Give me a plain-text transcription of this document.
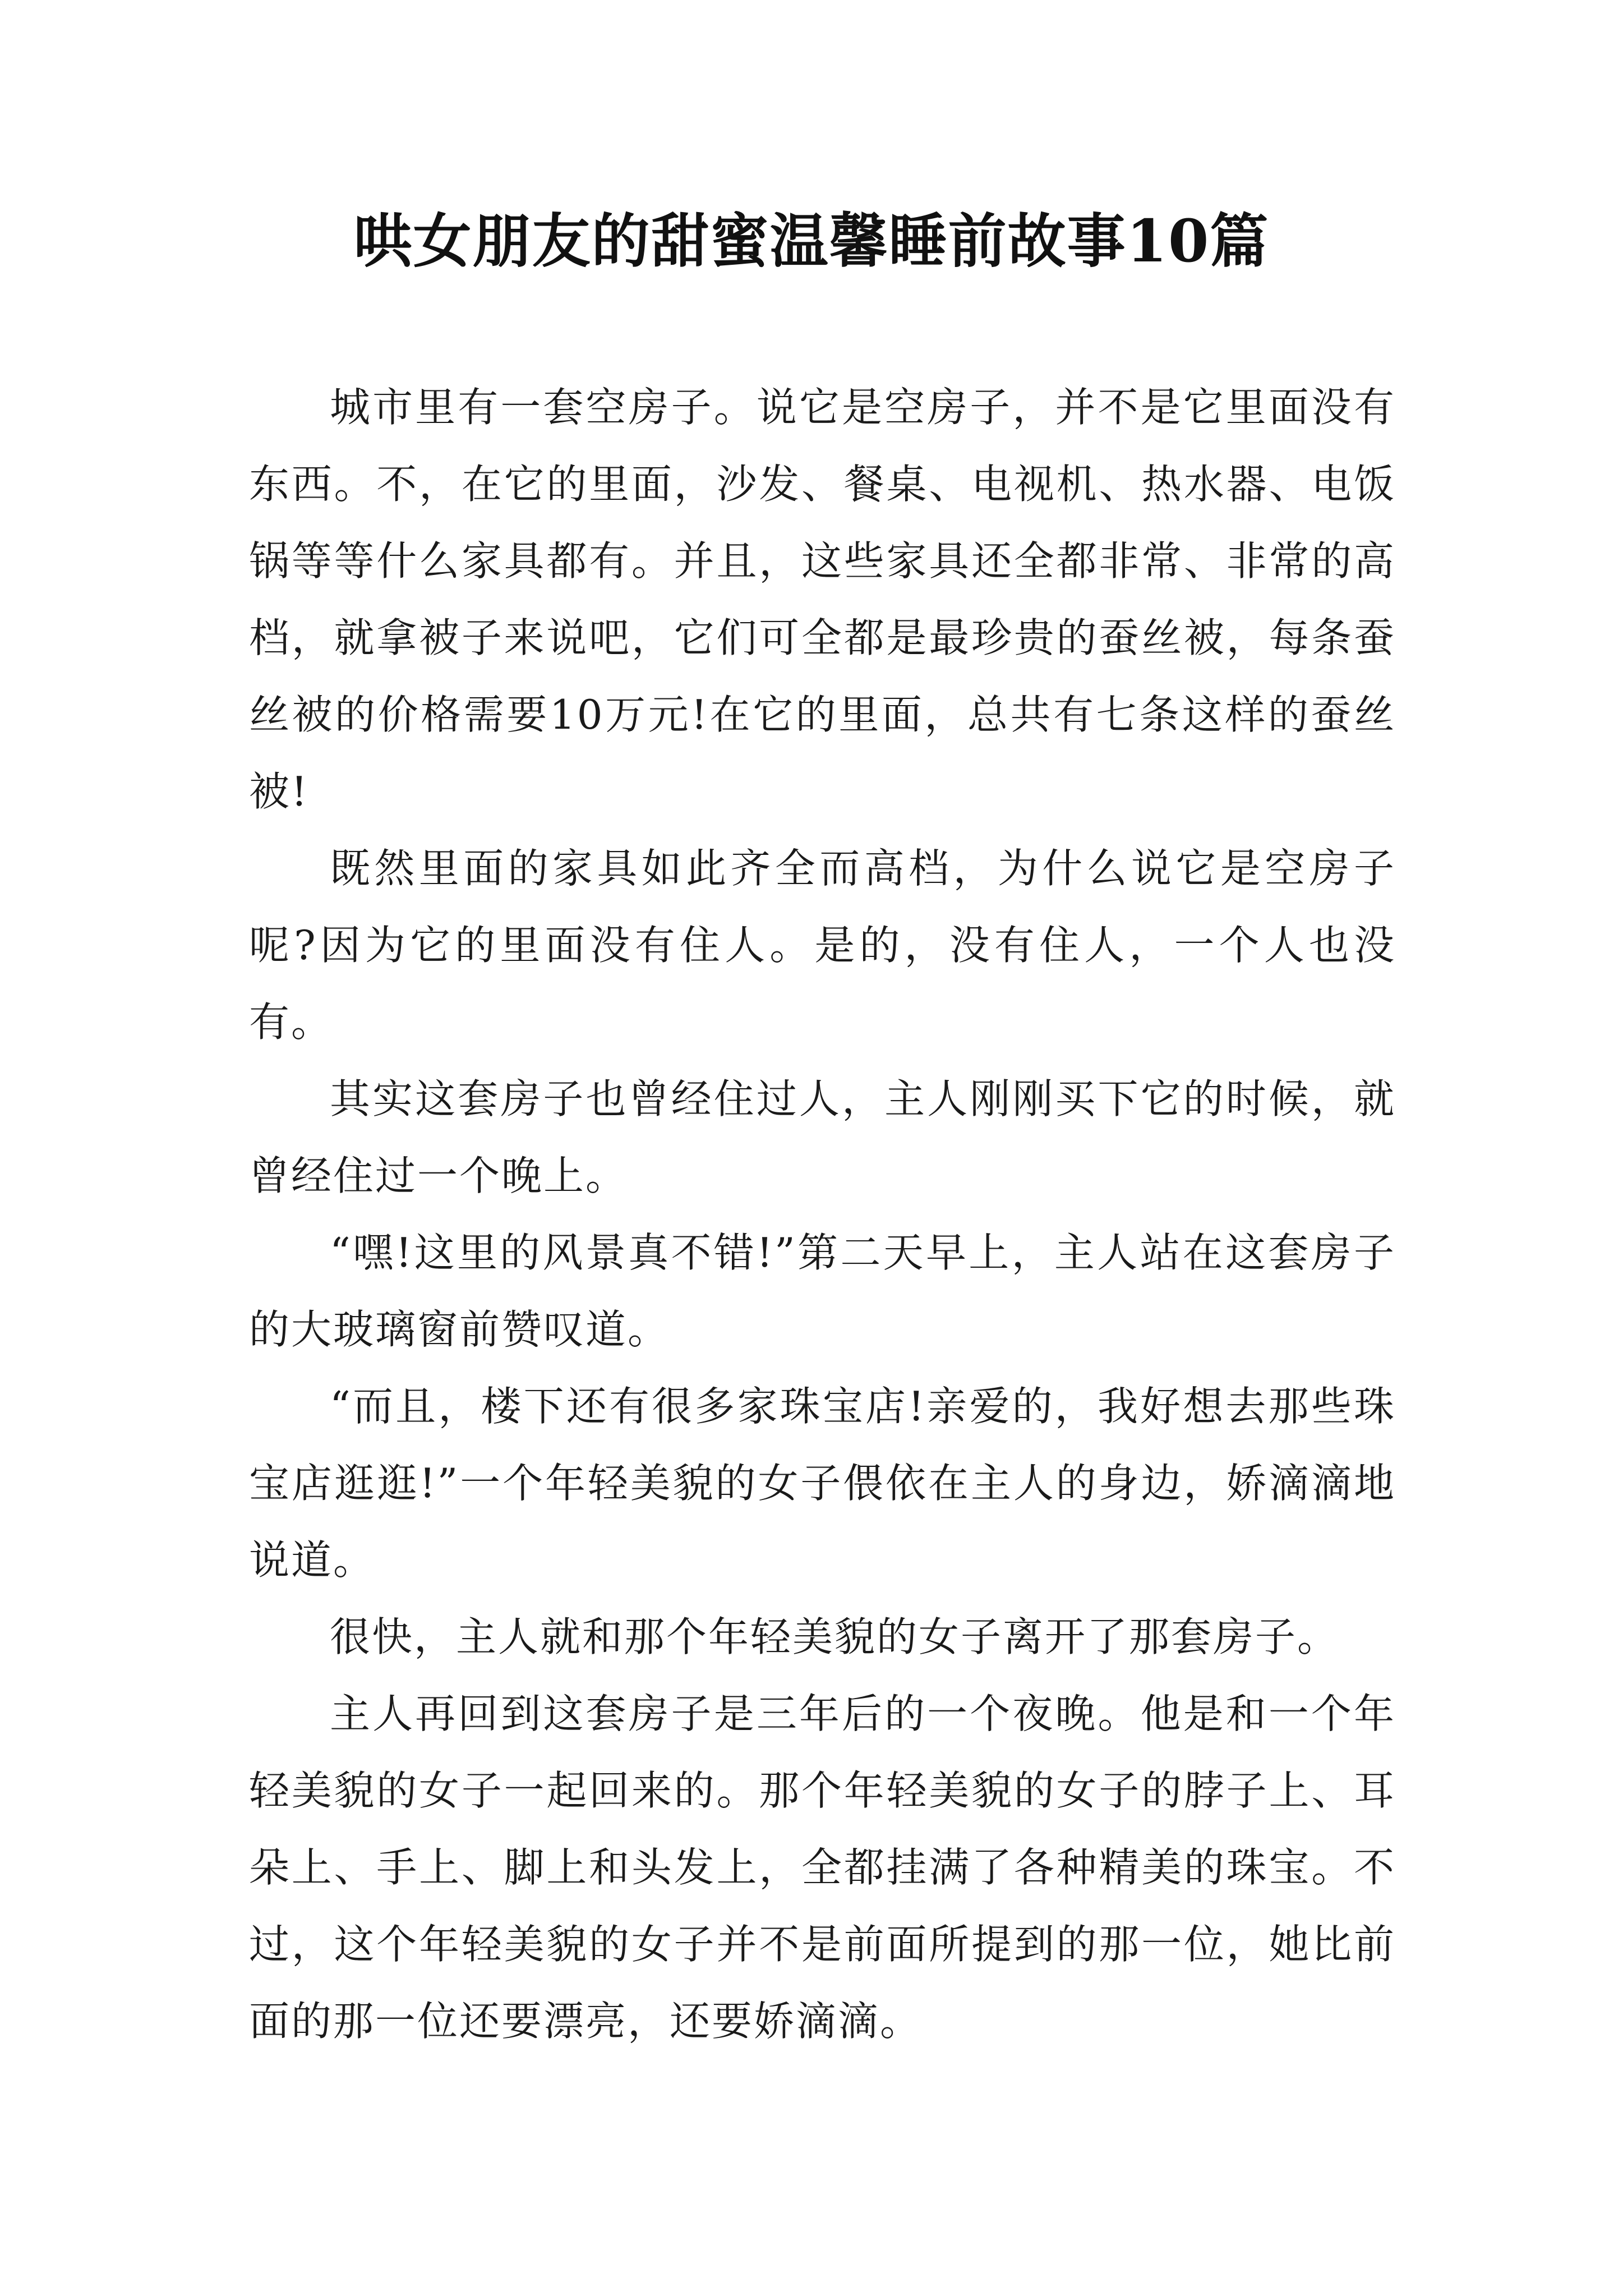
哄女朋友的甜蜜温馨睡前故事10篇

城市里有一套空房子。说它是空房子，并不是它里面没有东西。不，在它的里面，沙发、餐桌、电视机、热水器、电饭锅等等什么家具都有。并且，这些家具还全都非常、非常的高档，就拿被子来说吧，它们可全都是最珍贵的蚕丝被，每条蚕丝被的价格需要10万元!在它的里面，总共有七条这样的蚕丝被!

既然里面的家具如此齐全而高档，为什么说它是空房子呢?因为它的里面没有住人。是的，没有住人，一个人也没有。

其实这套房子也曾经住过人，主人刚刚买下它的时候，就曾经住过一个晚上。

“嘿!这里的风景真不错!”第二天早上，主人站在这套房子的大玻璃窗前赞叹道。

“而且，楼下还有很多家珠宝店!亲爱的，我好想去那些珠宝店逛逛!”一个年轻美貌的女子偎依在主人的身边，娇滴滴地说道。

很快，主人就和那个年轻美貌的女子离开了那套房子。

主人再回到这套房子是三年后的一个夜晚。他是和一个年轻美貌的女子一起回来的。那个年轻美貌的女子的脖子上、耳朵上、手上、脚上和头发上，全都挂满了各种精美的珠宝。不过，这个年轻美貌的女子并不是前面所提到的那一位，她比前面的那一位还要漂亮，还要娇滴滴。
